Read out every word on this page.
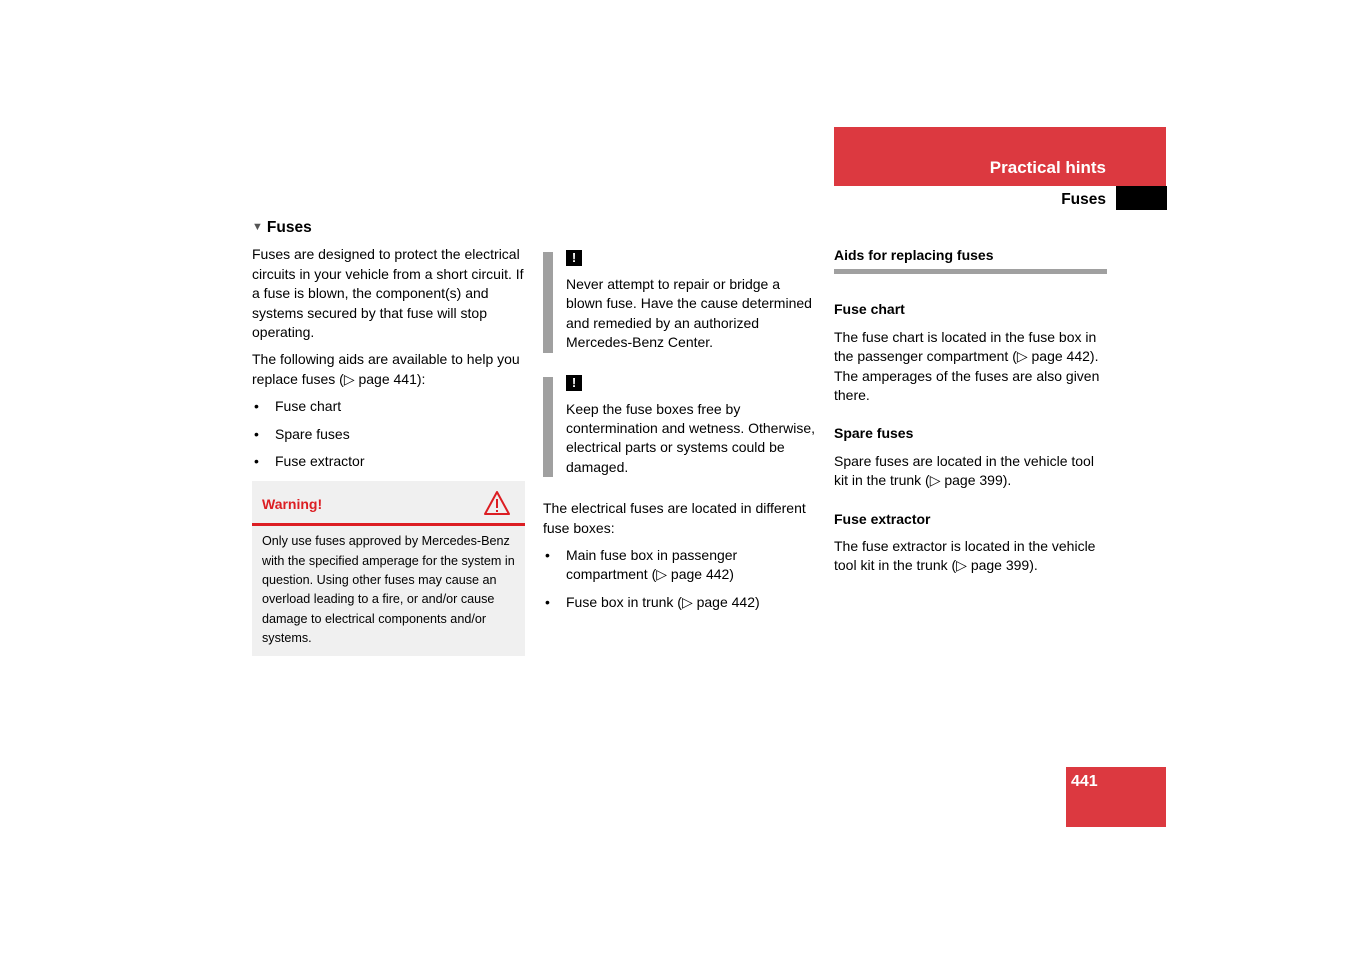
Practical hints
Fuses
▼ Fuses

Fuses are designed to protect the electrical circuits in your vehicle from a short circuit. If a fuse is blown, the component(s) and systems secured by that fuse will stop operating.

The following aids are available to help you replace fuses (▷ page 441):

• Fuse chart
• Spare fuses
• Fuse extractor
Warning!
Only use fuses approved by Mercedes-Benz with the specified amperage for the system in question. Using other fuses may cause an overload leading to a fire, or and/or cause damage to electrical components and/or systems.
!

Never attempt to repair or bridge a blown fuse. Have the cause determined and remedied by an authorized Mercedes-Benz Center.

!

Keep the fuse boxes free by contermination and wetness. Otherwise, electrical parts or systems could be damaged.

The electrical fuses are located in different fuse boxes:

• Main fuse box in passenger compartment (▷ page 442)
• Fuse box in trunk (▷ page 442)
Aids for replacing fuses
Fuse chart

The fuse chart is located in the fuse box in the passenger compartment (▷ page 442). The amperages of the fuses are also given there.

Spare fuses

Spare fuses are located in the vehicle tool kit in the trunk (▷ page 399).

Fuse extractor

The fuse extractor is located in the vehicle tool kit in the trunk (▷ page 399).

441
